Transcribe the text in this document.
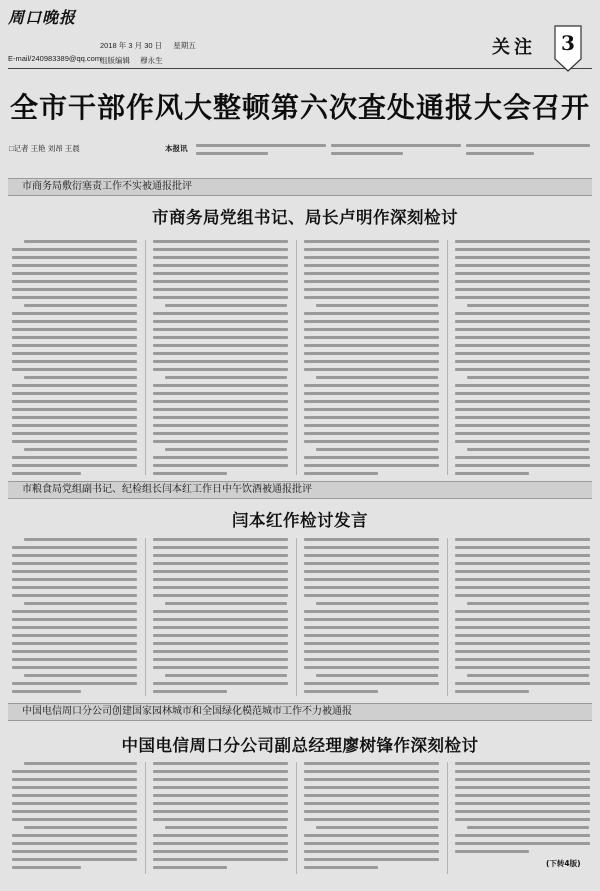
周口晚报
E-mail/240983389@qq.com
2018 年 3 月 30 日 星期五
组版编辑 穆永生
关注	3
全市干部作风大整顿第六次查处通报大会召开
□记者 王艳 刘昂 王晨	本报讯
市商务局敷衍塞责工作不实被通报批评
市商务局党组书记、局长卢明作深刻检讨
市粮食局党组副书记、纪检组长闫本红工作日中午饮酒被通报批评
闫本红作检讨发言
中国电信周口分公司创建国家园林城市和全国绿化模范城市工作不力被通报
中国电信周口分公司副总经理廖树锋作深刻检讨
(下转4版)
